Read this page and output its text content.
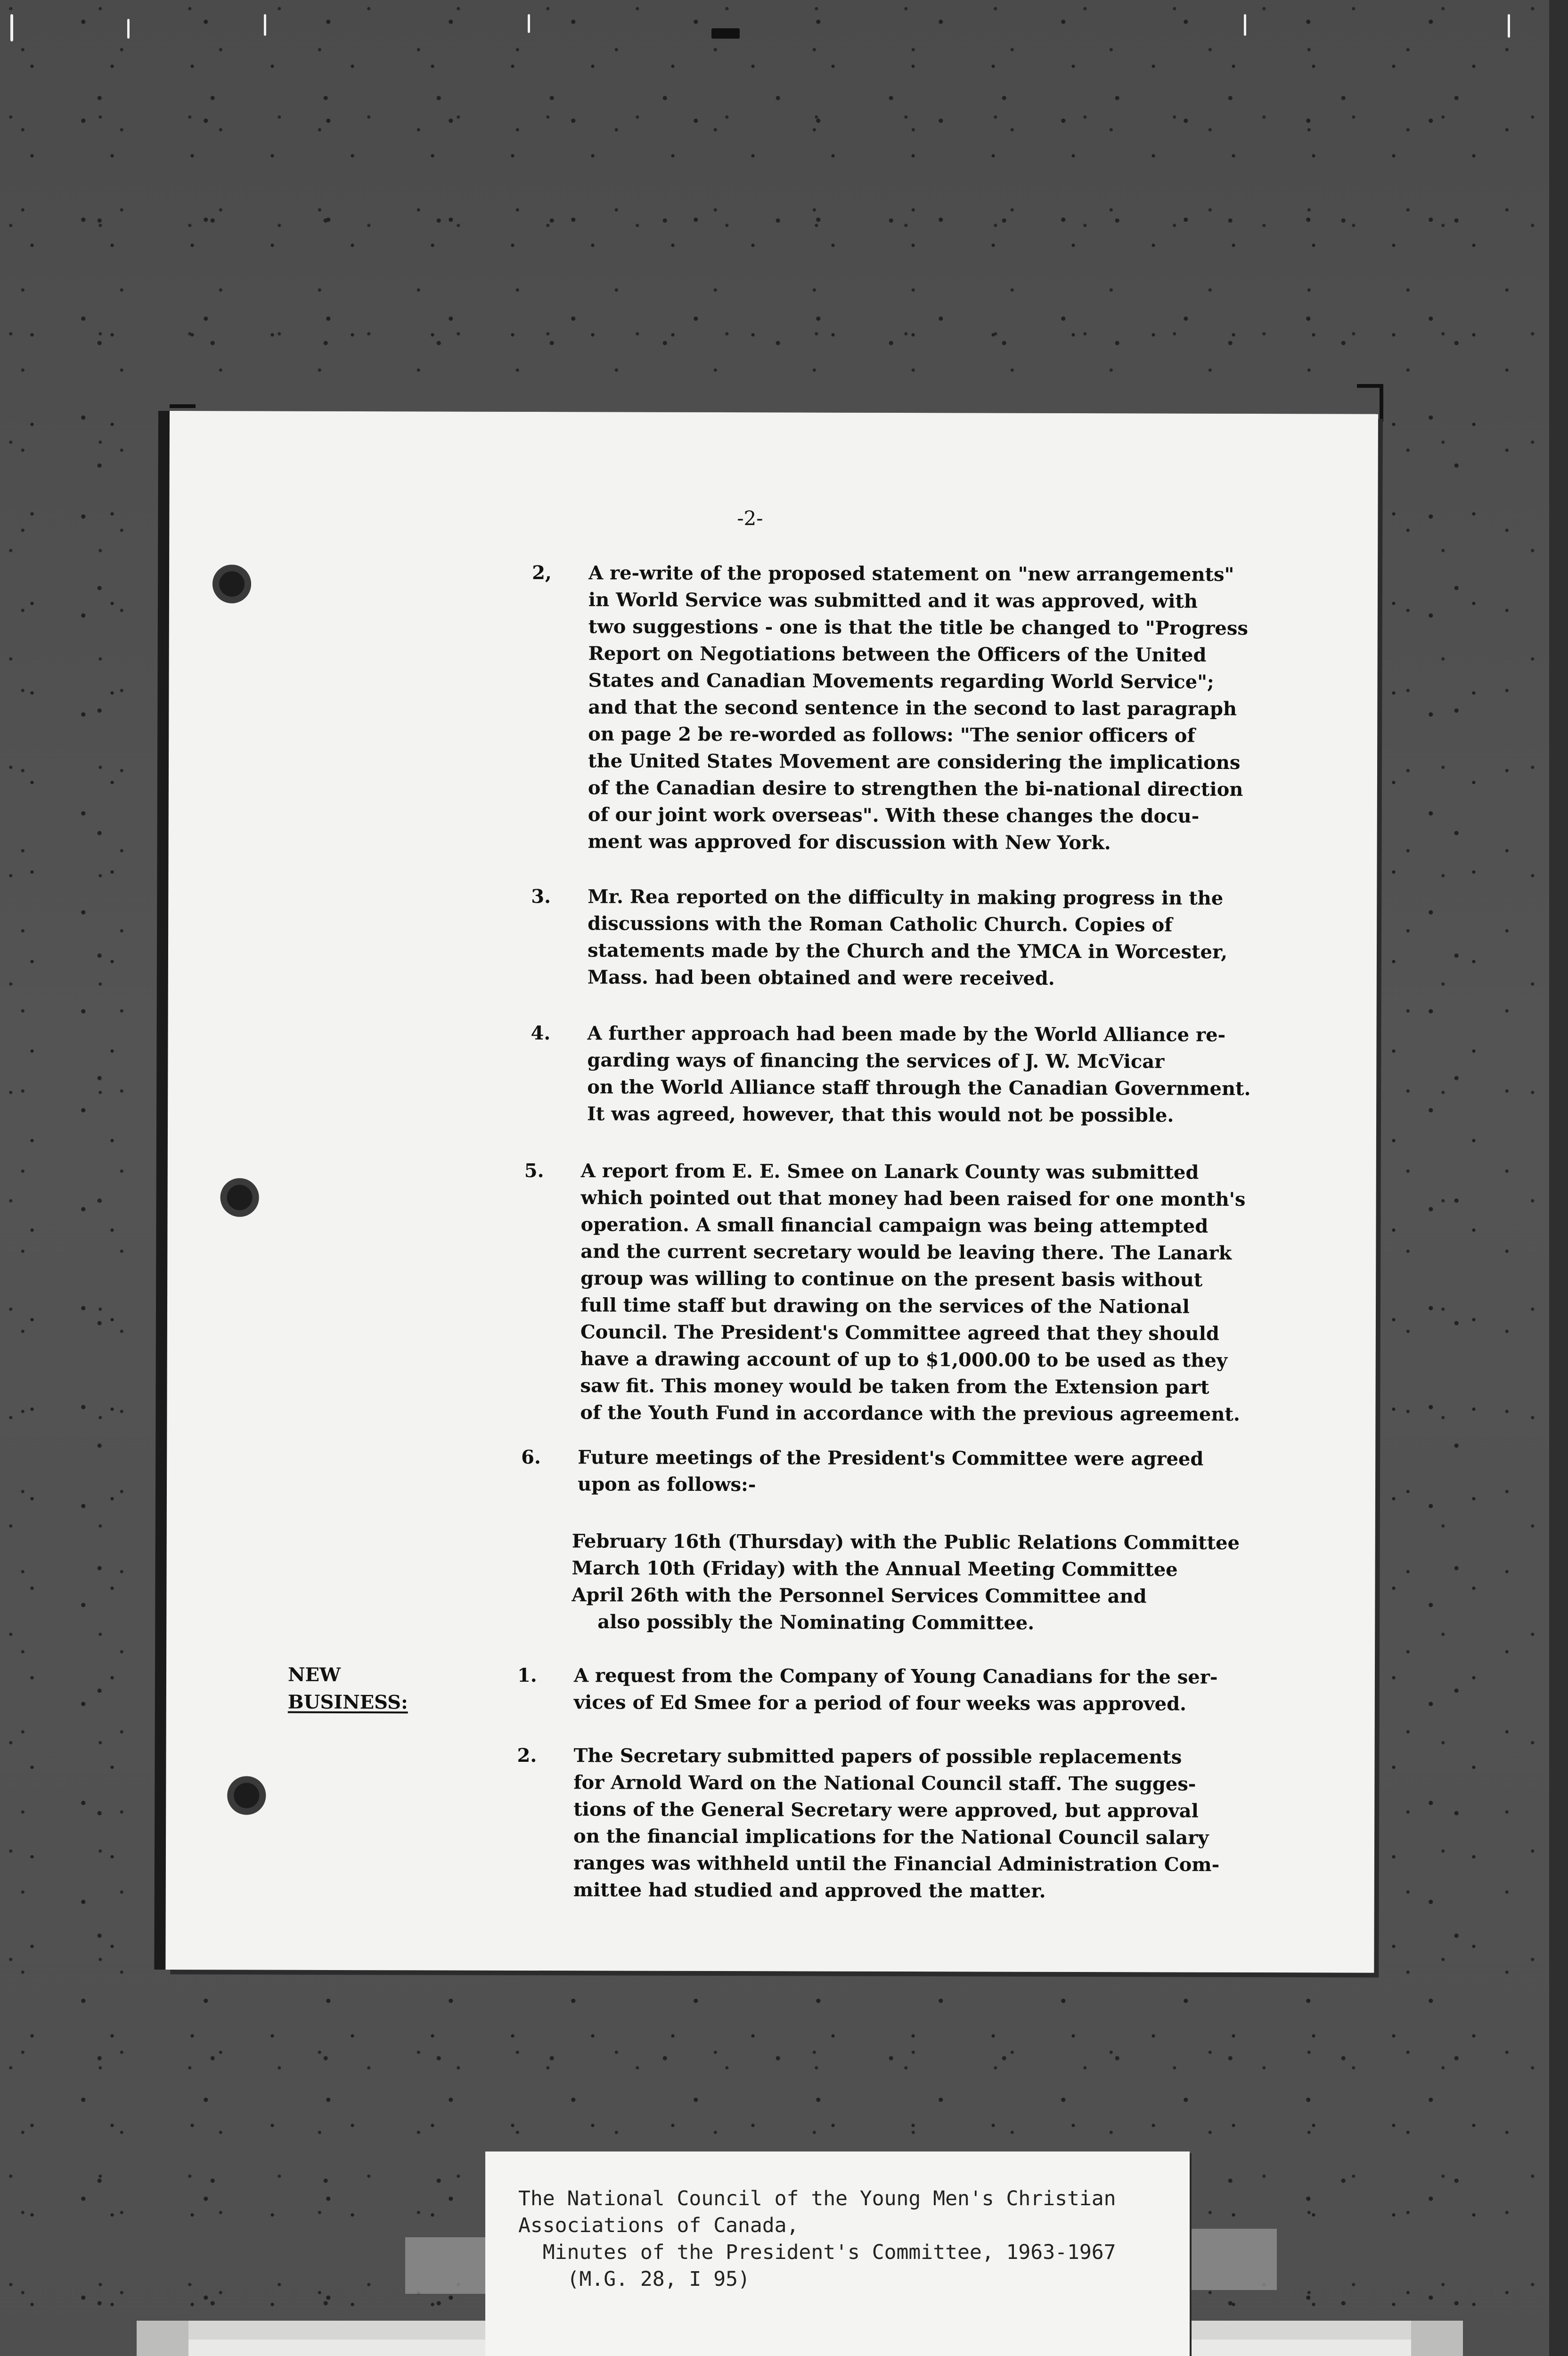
-2-
2, A re-write of the proposed statement on "new arrangements"
in World Service was submitted and it was approved, with
two suggestions - one is that the title be changed to "Progress
Report on Negotiations between the Officers of the United
States and Canadian Movements regarding World Service";
and that the second sentence in the second to last paragraph
on page 2 be re-worded as follows: "The senior officers of
the United States Movement are considering the implications
of the Canadian desire to strengthen the bi-national direction
of our joint work overseas". With these changes the docu-
ment was approved for discussion with New York.
3. Mr. Rea reported on the difficulty in making progress in the
discussions with the Roman Catholic Church. Copies of
statements made by the Church and the YMCA in Worcester,
Mass. had been obtained and were received.
4. A further approach had been made by the World Alliance re-
garding ways of financing the services of J. W. McVicar
on the World Alliance staff through the Canadian Government.
It was agreed, however, that this would not be possible.
5. A report from E. E. Smee on Lanark County was submitted
which pointed out that money had been raised for one month's
operation. A small financial campaign was being attempted
and the current secretary would be leaving there. The Lanark
group was willing to continue on the present basis without
full time staff but drawing on the services of the National
Council. The President's Committee agreed that they should
have a drawing account of up to $1,000.00 to be used as they
saw fit. This money would be taken from the Extension part
of the Youth Fund in accordance with the previous agreement.
6. Future meetings of the President's Committee were agreed
upon as follows:-
February 16th (Thursday) with the Public Relations Committee
March 10th (Friday) with the Annual Meeting Committee
April 26th with the Personnel Services Committee and
also possibly the Nominating Committee.
NEW
BUSINESS:
1. A request from the Company of Young Canadians for the ser-
vices of Ed Smee for a period of four weeks was approved.
2. The Secretary submitted papers of possible replacements
for Arnold Ward on the National Council staff. The sugges-
tions of the General Secretary were approved, but approval
on the financial implications for the National Council salary
ranges was withheld until the Financial Administration Com-
mittee had studied and approved the matter.
The National Council of the Young Men's Christian
Associations of Canada,
Minutes of the President's Committee, 1963-1967
(M.G. 28, I 95)
